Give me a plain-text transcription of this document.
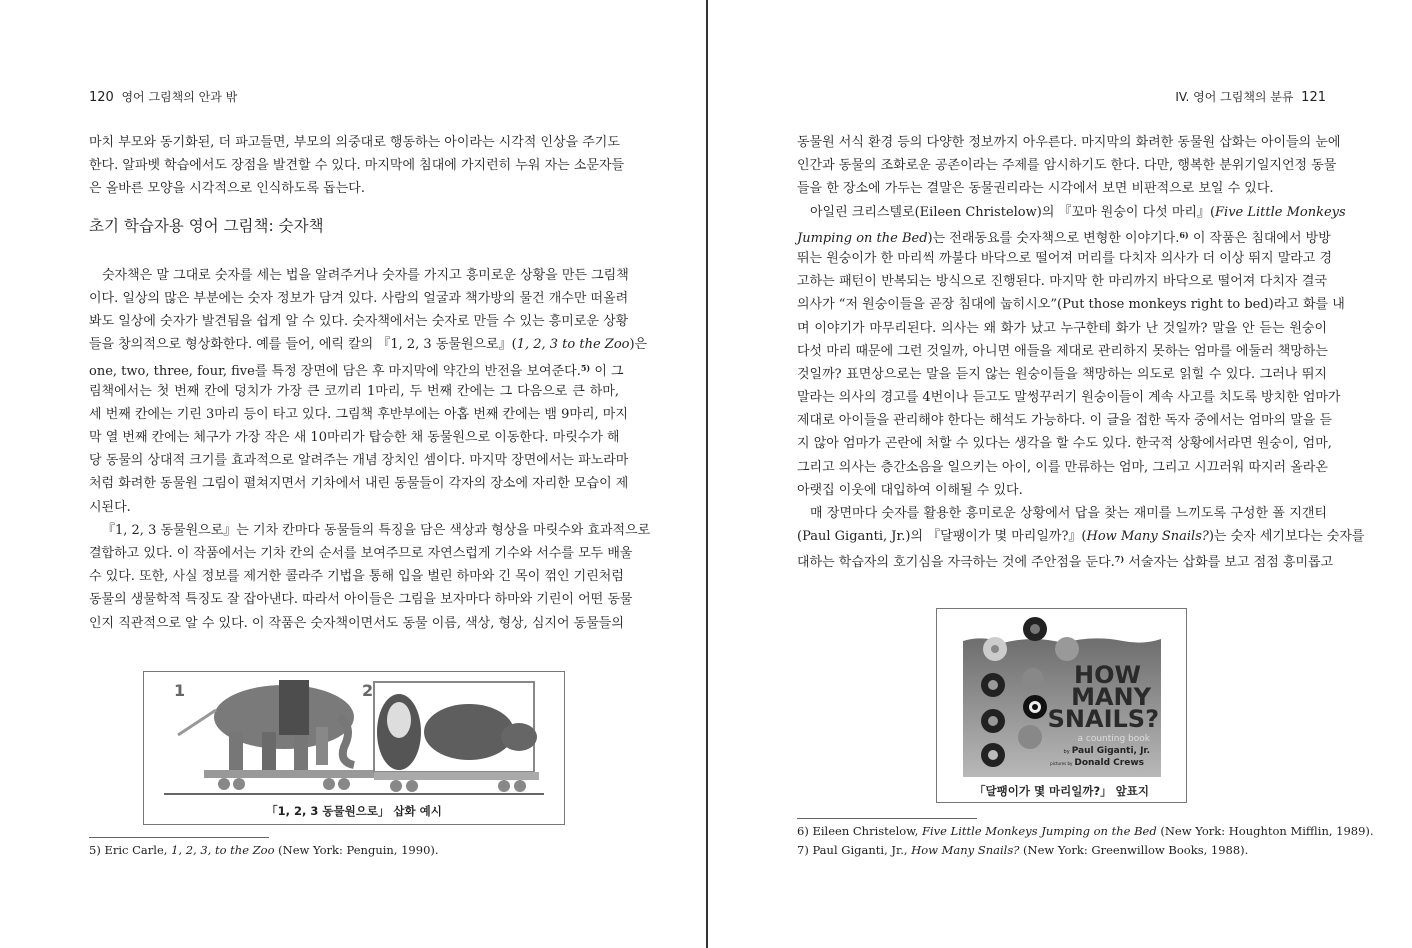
120 영어 그림책의 안과 밖
마치 부모와 동기화된, 더 파고들면, 부모의 의중대로 행동하는 아이라는 시각적 인상을 주기도
한다. 알파벳 학습에서도 장점을 발견할 수 있다. 마지막에 침대에 가지런히 누워 자는 소문자들
은 올바른 모양을 시각적으로 인식하도록 돕는다.
초기 학습자용 영어 그림책: 숫자책
숫자책은 말 그대로 숫자를 세는 법을 알려주거나 숫자를 가지고 흥미로운 상황을 만든 그림책
이다. 일상의 많은 부분에는 숫자 정보가 담겨 있다. 사람의 얼굴과 책가방의 물건 개수만 떠올려
봐도 일상에 숫자가 발견됨을 쉽게 알 수 있다. 숫자책에서는 숫자로 만들 수 있는 흥미로운 상황
들을 창의적으로 형상화한다. 예를 들어, 에릭 칼의 『1, 2, 3 동물원으로』(1, 2, 3 to the Zoo)은
one, two, three, four, five를 특정 장면에 담은 후 마지막에 약간의 반전을 보여준다.$^{5)}$ 이 그
림책에서는 첫 번째 칸에 덩치가 가장 큰 코끼리 1마리, 두 번째 칸에는 그 다음으로 큰 하마,
세 번째 칸에는 기린 3마리 등이 타고 있다. 그림책 후반부에는 아홉 번째 칸에는 뱀 9마리, 마지
막 열 번째 칸에는 체구가 가장 작은 새 10마리가 탑승한 채 동물원으로 이동한다. 마릿수가 해
당 동물의 상대적 크기를 효과적으로 알려주는 개념 장치인 셈이다. 마지막 장면에서는 파노라마
처럼 화려한 동물원 그림이 펼쳐지면서 기차에서 내린 동물들이 각자의 장소에 자리한 모습이 제
시된다.
『1, 2, 3 동물원으로』는 기차 칸마다 동물들의 특징을 담은 색상과 형상을 마릿수와 효과적으로
결합하고 있다. 이 작품에서는 기차 칸의 순서를 보여주므로 자연스럽게 기수와 서수를 모두 배울
수 있다. 또한, 사실 정보를 제거한 콜라주 기법을 통해 입을 벌린 하마와 긴 목이 꺾인 기린처럼
동물의 생물학적 특징도 잘 잡아낸다. 따라서 아이들은 그림을 보자마다 하마와 기린이 어떤 동물
인지 직관적으로 알 수 있다. 이 작품은 숫자책이면서도 동물 이름, 색상, 형상, 심지어 동물들의
1	2
「1, 2, 3 동물원으로」 삽화 예시
5) Eric Carle, 1, 2, 3, to the Zoo (New York: Penguin, 1990).
IV. 영어 그림책의 분류 121
동물원 서식 환경 등의 다양한 정보까지 아우른다. 마지막의 화려한 동물원 삽화는 아이들의 눈에
인간과 동물의 조화로운 공존이라는 주제를 암시하기도 한다. 다만, 행복한 분위기일지언정 동물
들을 한 장소에 가두는 결말은 동물권리라는 시각에서 보면 비판적으로 보일 수 있다.
아일린 크리스텔로(Eileen Christelow)의 『꼬마 원숭이 다섯 마리』(Five Little Monkeys
Jumping on the Bed)는 전래동요를 숫자책으로 변형한 이야기다.$^{6)}$ 이 작품은 침대에서 방방
뛰는 원숭이가 한 마리씩 까불다 바닥으로 떨어져 머리를 다치자 의사가 더 이상 뛰지 말라고 경
고하는 패턴이 반복되는 방식으로 진행된다. 마지막 한 마리까지 바닥으로 떨어져 다치자 결국
의사가 “저 원숭이들을 곧장 침대에 눕히시오”(Put those monkeys right to bed)라고 화를 내
며 이야기가 마무리된다. 의사는 왜 화가 났고 누구한테 화가 난 것일까? 말을 안 듣는 원숭이
다섯 마리 때문에 그런 것일까, 아니면 애들을 제대로 관리하지 못하는 엄마를 에둘러 책망하는
것일까? 표면상으로는 말을 듣지 않는 원숭이들을 책망하는 의도로 읽힐 수 있다. 그러나 뛰지
말라는 의사의 경고를 4번이나 듣고도 말썽꾸러기 원숭이들이 계속 사고를 치도록 방치한 엄마가
제대로 아이들을 관리해야 한다는 해석도 가능하다. 이 글을 접한 독자 중에서는 엄마의 말을 듣
지 않아 엄마가 곤란에 처할 수 있다는 생각을 할 수도 있다. 한국적 상황에서라면 원숭이, 엄마,
그리고 의사는 층간소음을 일으키는 아이, 이를 만류하는 엄마, 그리고 시끄러워 따지러 올라온
아랫집 이웃에 대입하여 이해될 수 있다.
매 장면마다 숫자를 활용한 흥미로운 상황에서 답을 찾는 재미를 느끼도록 구성한 폴 지갠티
(Paul Giganti, Jr.)의 『달팽이가 몇 마리일까?』(How Many Snails?)는 숫자 세기보다는 숫자를
대하는 학습자의 호기심을 자극하는 것에 주안점을 둔다.$^{7)}$ 서술자는 삽화를 보고 점점 흥미롭고
HOW
MANY
SNAILS?
a counting book
by Paul Giganti, Jr.
pictures by Donald Crews
「달팽이가 몇 마리일까?」 앞표지
6) Eileen Christelow, Five Little Monkeys Jumping on the Bed (New York: Houghton Mifflin, 1989).
7) Paul Giganti, Jr., How Many Snails? (New York: Greenwillow Books, 1988).
